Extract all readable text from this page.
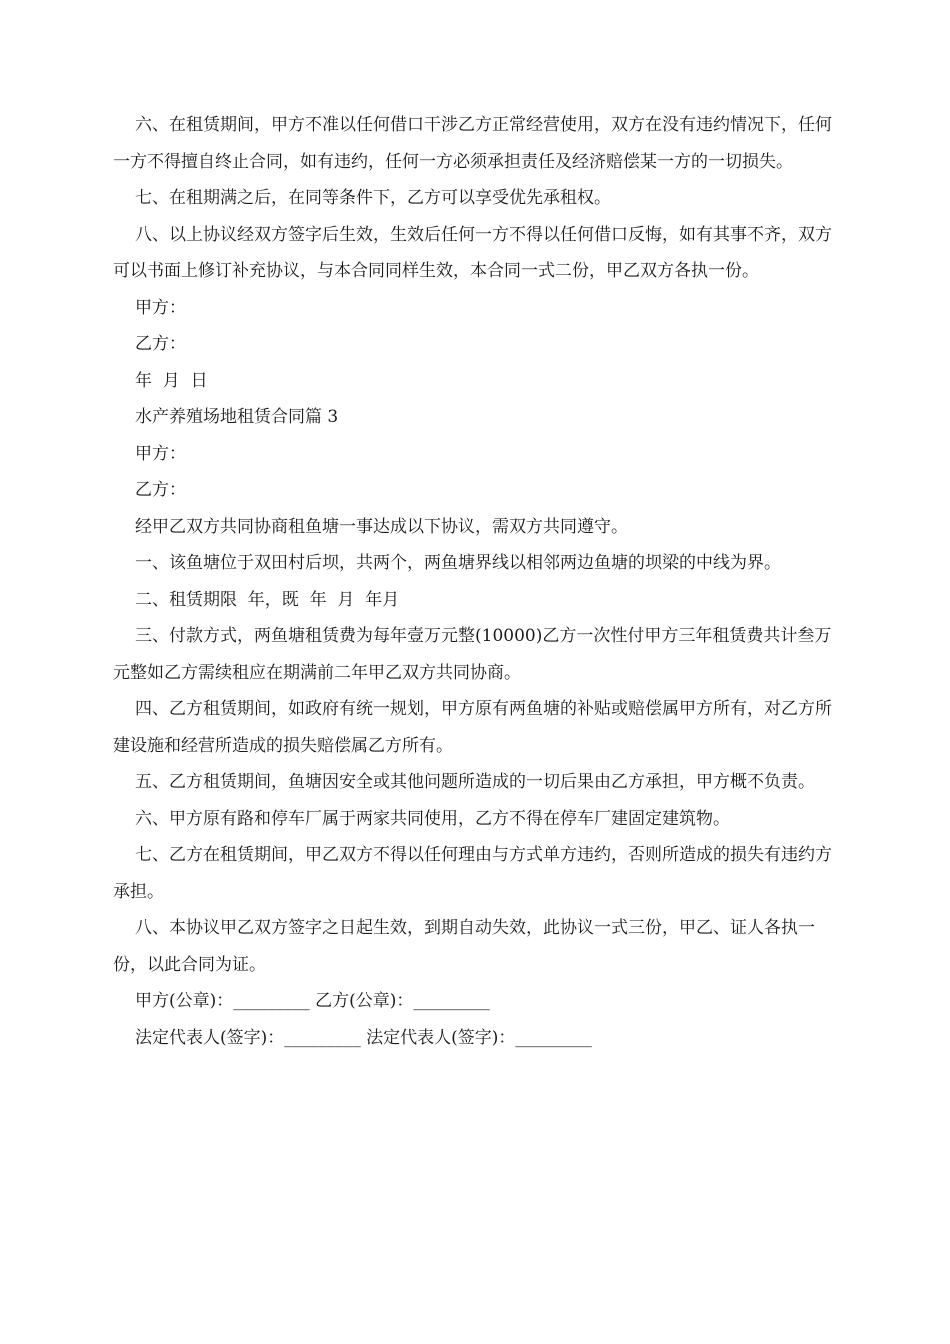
六、在租赁期间，甲方不准以任何借口干涉乙方正常经营使用，双方在没有违约情况下，任何一方不得擅自终止合同，如有违约，任何一方必须承担责任及经济赔偿某一方的一切损失。

七、在租期满之后，在同等条件下，乙方可以享受优先承租权。

八、以上协议经双方签字后生效，生效后任何一方不得以任何借口反悔，如有其事不齐，双方可以书面上修订补充协议，与本合同同样生效，本合同一式二份，甲乙双方各执一份。

甲方：

乙方：

年  月  日

水产养殖场地租赁合同篇 3

甲方：

乙方：

经甲乙双方共同协商租鱼塘一事达成以下协议，需双方共同遵守。

一、该鱼塘位于双田村后坝，共两个，两鱼塘界线以相邻两边鱼塘的坝梁的中线为界。

二、租赁期限  年，既  年  月  年月

三、付款方式，两鱼塘租赁费为每年壹万元整(10000)乙方一次性付甲方三年租赁费共计叁万元整如乙方需续租应在期满前二年甲乙双方共同协商。

四、乙方租赁期间，如政府有统一规划，甲方原有两鱼塘的补贴或赔偿属甲方所有，对乙方所建设施和经营所造成的损失赔偿属乙方所有。

五、乙方租赁期间，鱼塘因安全或其他问题所造成的一切后果由乙方承担，甲方概不负责。

六、甲方原有路和停车厂属于两家共同使用，乙方不得在停车厂建固定建筑物。

七、乙方在租赁期间，甲乙双方不得以任何理由与方式单方违约，否则所造成的损失有违约方承担。

八、本协议甲乙双方签字之日起生效，到期自动失效，此协议一式三份，甲乙、证人各执一份，以此合同为证。

甲方(公章)：_________ 乙方(公章)：_________

法定代表人(签字)：_________ 法定代表人(签字)：_________
